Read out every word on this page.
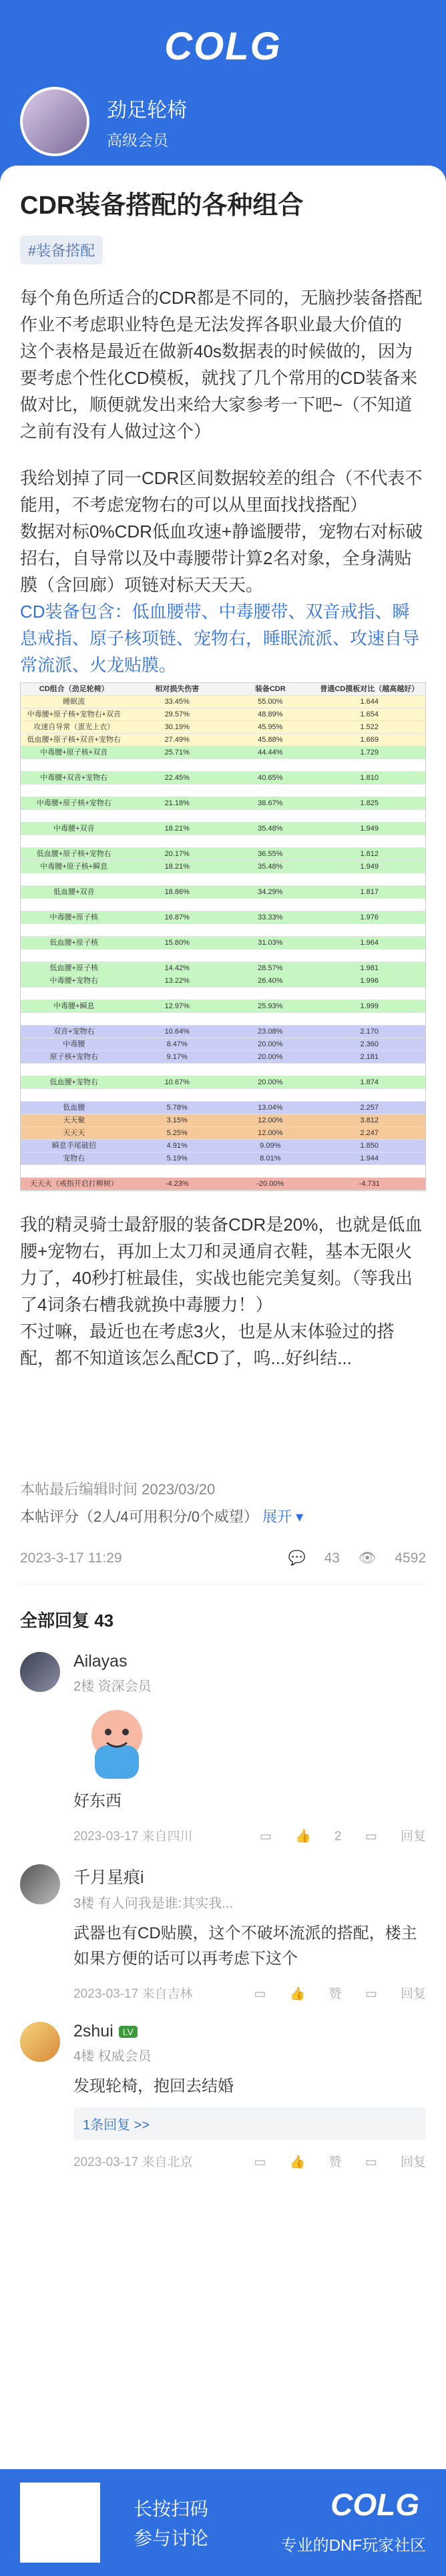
COLG
劲足轮椅
高级会员
CDR装备搭配的各种组合
#装备搭配
每个角色所适合的CDR都是不同的，无脑抄装备搭配作业不考虑职业特色是无法发挥各职业最大价值的
这个表格是最近在做新40s数据表的时候做的，因为要考虑个性化CD模板，就找了几个常用的CD装备来做对比，顺便就发出来给大家参考一下吧~（不知道之前有没有人做过这个）
我给划掉了同一CDR区间数据较差的组合（不代表不能用，不考虑宠物右的可以从里面找找搭配）
数据对标0%CDR低血攻速+静谧腰带，宠物右对标破招右，自导常以及中毒腰带计算2名对象，全身满贴膜（含回廊）项链对标天天天。
CD装备包含：低血腰带、中毒腰带、双音戒指、瞬息戒指、原子核项链、宠物右，睡眠流派、攻速自导常流派、火龙贴膜。
CD组合（劲足轮椅）	相对损失伤害	装备CDR	普通CD摸板对比（越高越好）
睡眠流	33.45%	55.00%	1.644
中毒腰+原子核+宠物右+双音	29.57%	48.89%	1.654
攻速自导常（蛋光上衣）	30.19%	45.95%	1.522
低血腰+原子核+双音+宠物右	27.49%	45.88%	1.669
中毒腰+原子核+双音	25.71%	44.44%	1.729
中毒腰+双音+宠物右	22.45%	40.65%	1.810
中毒腰+原子核+宠物右	21.18%	38.67%	1.825
中毒腰+双音	18.21%	35.48%	1.949
低血腰+原子核+宠物右	20.17%	36.55%	1.812
中毒腰+原子核+瞬息	18.21%	35.48%	1.949
低血腰+双音	18.86%	34.29%	1.817
中毒腰+原子核	16.87%	33.33%	1.976
低血腰+原子核	15.80%	31.03%	1.964
低血腰+原子核	14.42%	28.57%	1.981
中毒腰+宠物右	13.22%	26.40%	1.996
中毒腰+瞬息	12.97%	25.93%	1.999
双音+宠物右	10.64%	23.08%	2.170
中毒腰	8.47%	20.00%	2.360
原子核+宠物右	9.17%	20.00%	2.181
低血腰+宠物右	10.67%	20.00%	1.874
低血腰	5.78%	13.04%	2.257
天天聚	3.15%	12.00%	3.812
天天天	5.25%	12.00%	2.247
瞬息手尾破招	4.91%	9.09%	1.850
宠物右	5.19%	8.01%	1.944
天天火（戒指开启打柳树）	-4.23%	-20.00%	-4.731
我的精灵骑士最舒服的装备CDR是20%，也就是低血腰+宠物右，再加上太刀和灵通肩衣鞋，基本无限火力了，40秒打桩最佳，实战也能完美复刻。（等我出了4词条右槽我就换中毒腰力！）
不过嘛，最近也在考虑3火，也是从末体验过的搭配，都不知道该怎么配CD了，呜...好纠结...
本帖最后编辑时间 2023/03/20
本帖评分（2人/4可用积分/0个威望） 展开 ▾
2023-3-17 11:29	💬 43 👁 4592
全部回复 43
Ailayas
2楼 资深会员
好东西
2023-03-17 来自四川	▭ 👍 2 ▭ 回复
千月星痕i
3楼 有人问我是谁:其实我...
武器也有CD贴膜，这个不破坏流派的搭配，楼主如果方便的话可以再考虑下这个
2023-03-17 来自吉林	▭ 👍 赞 ▭ 回复
2shui LV
4楼 权威会员
发现轮椅，抱回去结婚
1条回复 >>
2023-03-17 来自北京	▭ 👍 赞 ▭ 回复
长按扫码
参与讨论
COLG
专业的DNF玩家社区
